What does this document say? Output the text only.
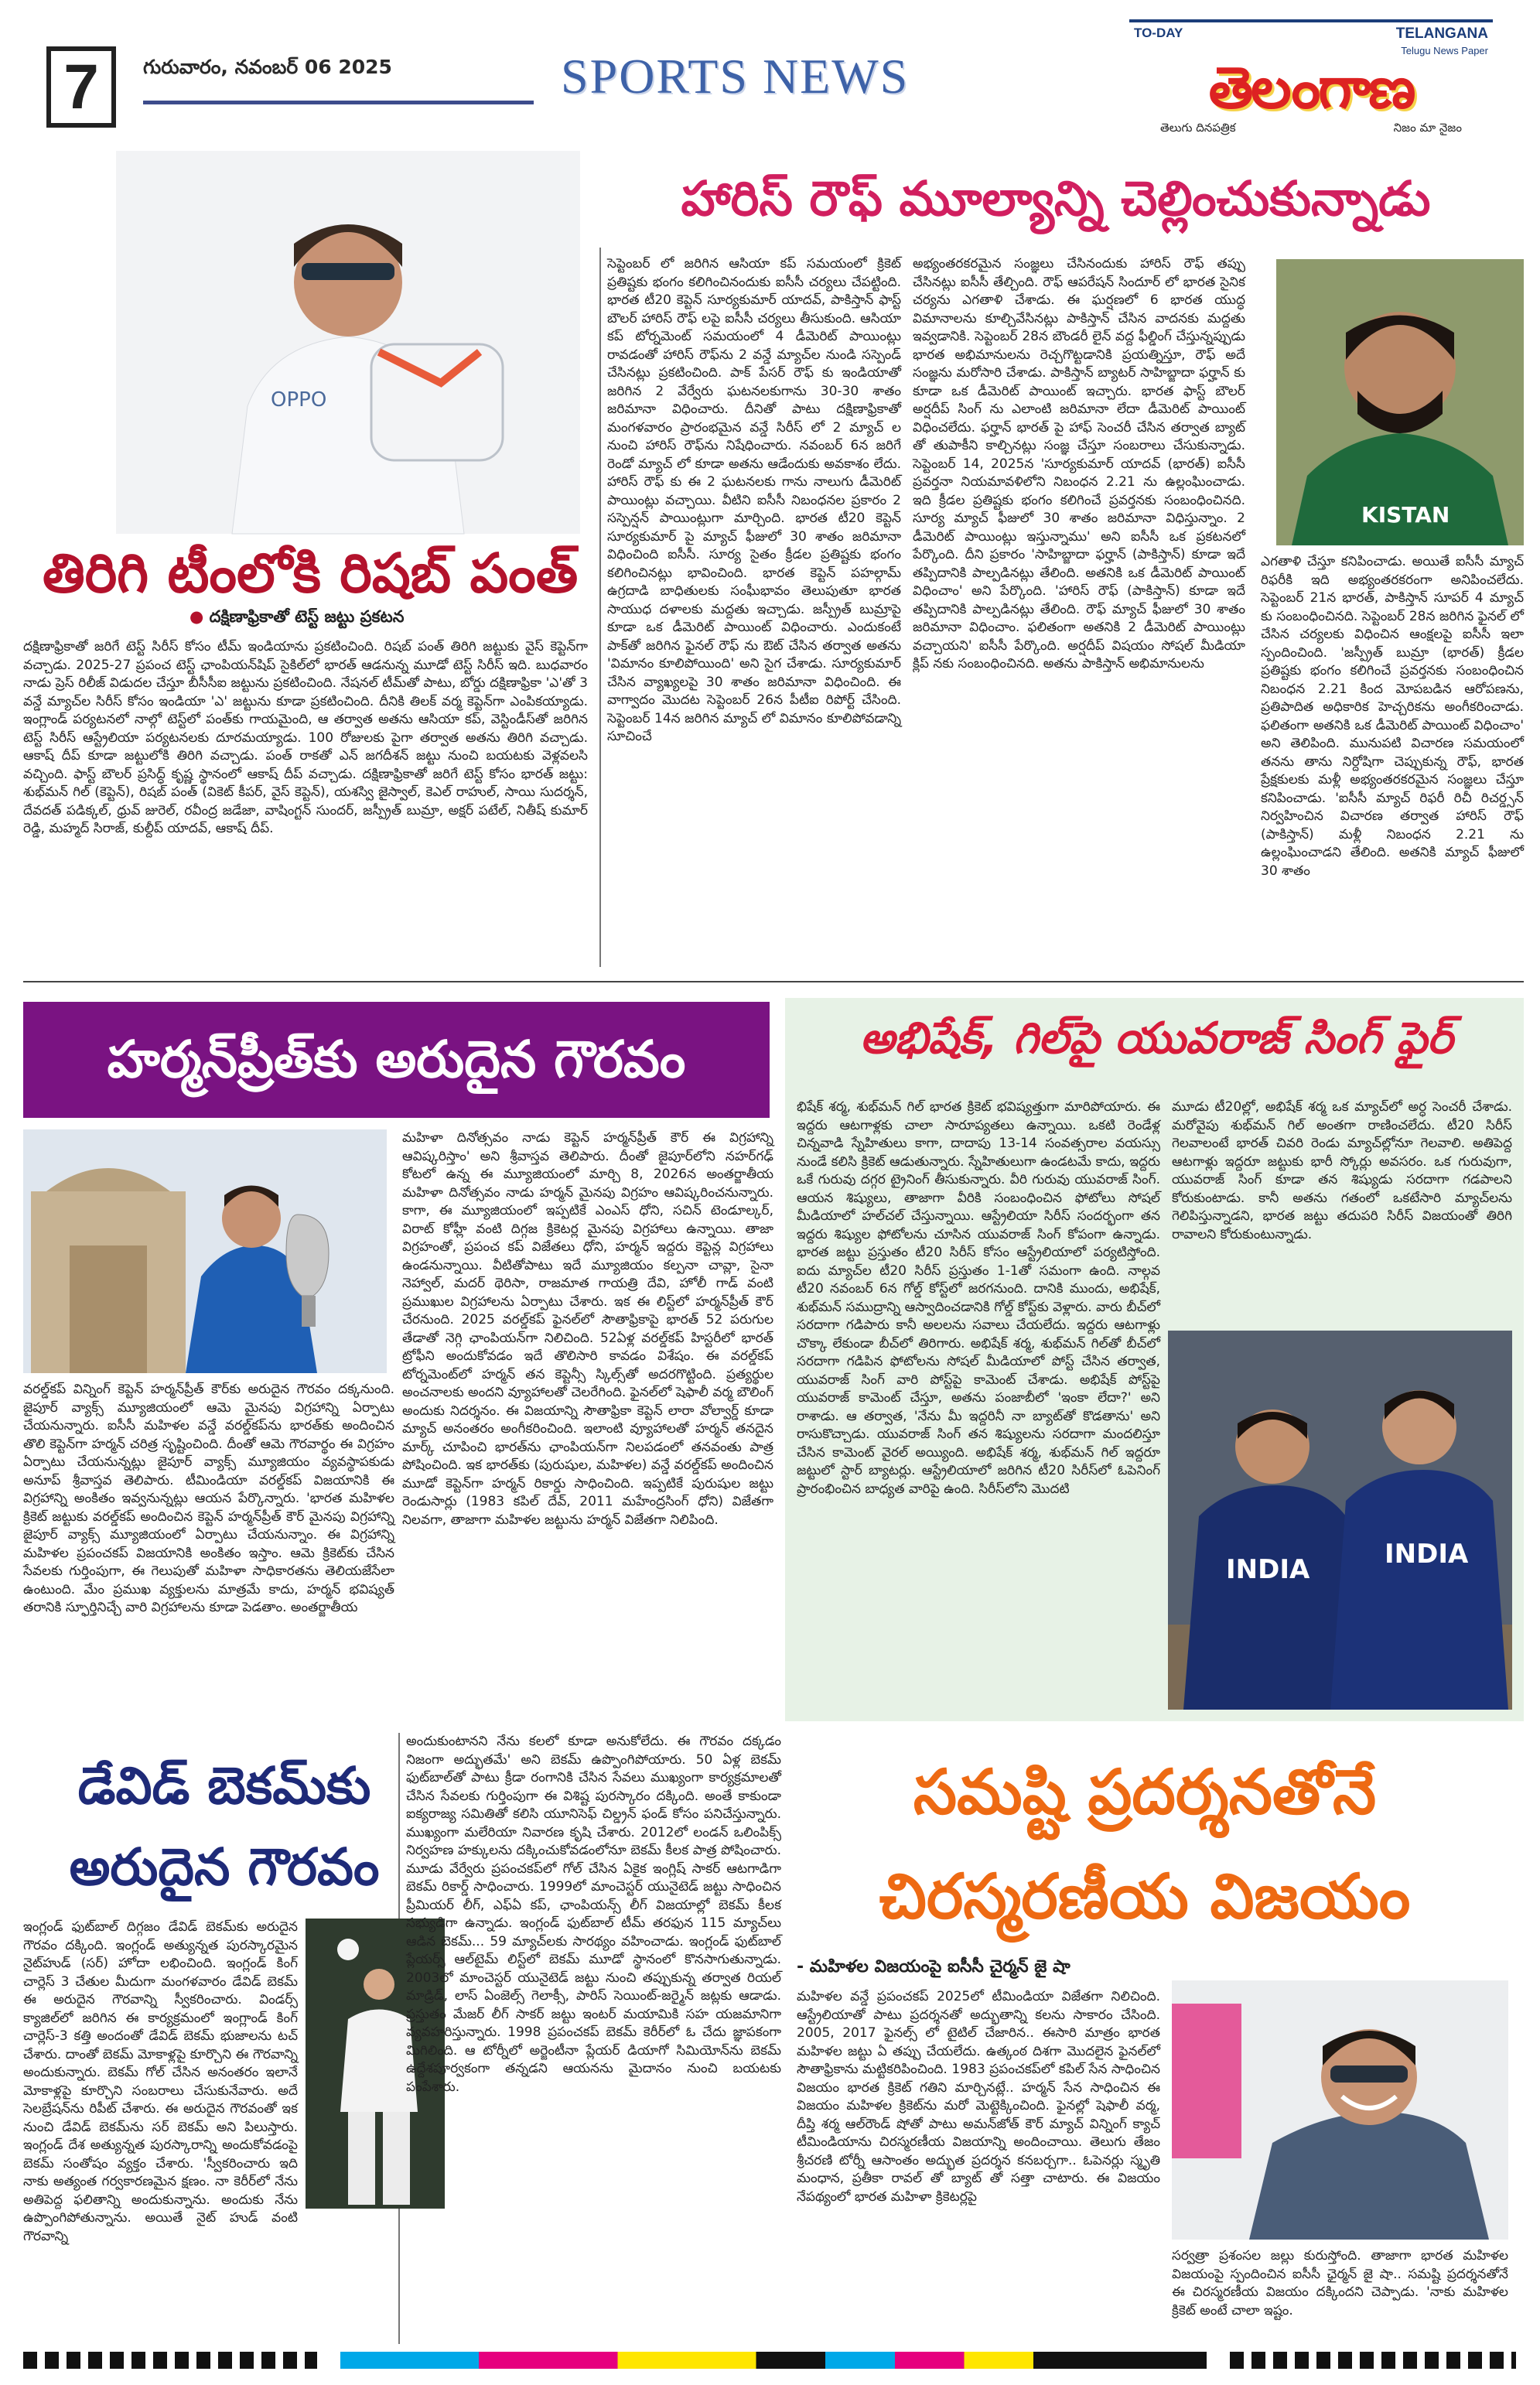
7	గురువారం, నవంబర్ 06 2025	SPORTS NEWS
TO-DAY	TELANGANA
Telugu News Paper
తెలంగాణ
తెలుగు దినపత్రిక	నిజం మా నైజం
OPPO
తిరిగి టీంలోకి రిషబ్ పంత్
● దక్షిణాఫ్రికాతో టెస్ట్ జట్టు ప్రకటన
దక్షిణాఫ్రికాతో జరిగే టెస్ట్ సిరీస్ కోసం టీమ్ ఇండియాను ప్రకటించింది. రిషబ్ పంత్ తిరిగి జట్టుకు వైస్ కెప్టెన్‌గా వచ్చాడు. 2025-27 ప్రపంచ టెస్ట్ ఛాంపియన్‌షిప్ సైకిల్‌లో భారత్ ఆడనున్న మూడో టెస్ట్ సిరీస్ ఇది. బుధవారం నాడు ప్రెస్ రిలీజ్ విడుదల చేస్తూ బీసీసీఐ జట్టును ప్రకటించింది. నేషనల్ టీమ్‌తో పాటు, బోర్డు దక్షిణాఫ్రికా 'ఎ'తో 3 వన్డే మ్యాచ్‌ల సిరీస్ కోసం ఇండియా 'ఎ' జట్టును కూడా ప్రకటించింది. దీనికి తిలక్ వర్మ కెప్టెన్‌గా ఎంపికయ్యాడు. ఇంగ్లాండ్ పర్యటనలో నాల్గో టెస్ట్‌లో పంత్‌కు గాయమైంది, ఆ తర్వాత అతను ఆసియా కప్, వెస్టిండీస్‌తో జరిగిన టెస్ట్ సిరీస్ ఆస్ట్రేలియా పర్యటనలకు దూరమయ్యాడు. 100 రోజులకు పైగా తర్వాత అతను తిరిగి వచ్చాడు. ఆకాష్ దీప్ కూడా జట్టులోకి తిరిగి వచ్చాడు. పంత్ రాకతో ఎన్ జగదీశన్ జట్టు నుంచి బయటకు వెళ్లవలసి వచ్చింది. ఫాస్ట్ బౌలర్ ప్రసిద్ధ్ కృష్ణ స్థానంలో ఆకాష్ దీప్ వచ్చాడు. దక్షిణాఫ్రికాతో జరిగే టెస్ట్ కోసం భారత్ జట్టు: శుభ్‌మన్ గిల్ (కెప్టెన్), రిషబ్ పంత్ (వికెట్ కీపర్, వైస్ కెప్టెన్), యశస్వి జైస్వాల్, కెఎల్ రాహుల్, సాయి సుదర్శన్, దేవదత్ పడిక్కల్, ధ్రువ్ జురెల్, రవీంద్ర జడేజా, వాషింగ్టన్ సుందర్, జస్ప్రీత్ బుమ్రా, అక్షర్ పటేల్, నితీష్ కుమార్ రెడ్డి, మహ్మద్ సిరాజ్, కుల్దీప్ యాదవ్, ఆకాష్ దీప్.
హారిస్ రౌఫ్ మూల్యాన్ని చెల్లించుకున్నాడు
సెప్టెంబర్ లో జరిగిన ఆసియా కప్ సమయంలో క్రికెట్ ప్రతిష్టకు భంగం కలిగించినందుకు ఐసీసీ చర్యలు చేపట్టింది. భారత టీ20 కెప్టెన్ సూర్యకుమార్ యాదవ్, పాకిస్తాన్ ఫాస్ట్ బౌలర్ హారిస్ రౌఫ్ లపై ఐసీసీ చర్యలు తీసుకుంది. ఆసియా కప్ టోర్నమెంట్ సమయంలో 4 డీమెరిట్ పాయింట్లు రావడంతో హారిస్ రౌఫ్‌ను 2 వన్డే మ్యాచ్‌ల నుండి సస్పెండ్ చేసినట్లు ప్రకటించింది. పాక్ పేసర్ రౌఫ్ కు ఇండియాతో జరిగిన 2 వేర్వేరు ఘటనలకుగాను 30-30 శాతం జరిమానా విధించారు. దీనితో పాటు దక్షిణాఫ్రికాతో మంగళవారం ప్రారంభమైన వన్డే సిరీస్ లో 2 మ్యాచ్ ల నుంచి హారిస్ రౌఫ్‌ను నిషేధించారు. నవంబర్ 6న జరిగే రెండో మ్యాచ్ లో కూడా అతను ఆడేందుకు అవకాశం లేదు. హారిస్ రౌఫ్ కు ఈ 2 ఘటనలకు గాను నాలుగు డీమెరిట్ పాయింట్లు వచ్చాయి. వీటిని ఐసీసీ నిబంధనల ప్రకారం 2 సస్పెన్షన్ పాయింట్లుగా మార్చింది. భారత టీ20 కెప్టెన్ సూర్యకుమార్ పై మ్యాచ్ ఫీజులో 30 శాతం జరిమానా విధించింది ఐసీసీ. సూర్య సైతం క్రీడల ప్రతిష్టకు భంగం కలిగించినట్లు భావించింది. భారత కెప్టెన్ పహల్గామ్ ఉగ్రదాడి బాధితులకు సంఘీభావం తెలుపుతూ భారత సాయుధ దళాలకు మద్దతు ఇచ్చాడు. జస్ప్రీత్ బుమ్రాపై కూడా ఒక డీమెరిట్ పాయింట్ విధించారు. ఎందుకంటే పాక్‌తో జరిగిన ఫైనల్ రౌఫ్ ను ఔట్ చేసిన తర్వాత అతను 'విమానం కూలిపోయింది' అని సైగ చేశాడు. సూర్యకుమార్ చేసిన వ్యాఖ్యలపై 30 శాతం జరిమానా విధించింది. ఈ వాగ్వాదం మొదట సెప్టెంబర్ 26న పీటీఐ రిపోర్ట్ చేసింది. సెప్టెంబర్ 14న జరిగిన మ్యాచ్ లో విమానం కూలిపోవడాన్ని సూచించే
అభ్యంతరకరమైన సంజ్ఞలు చేసినందుకు హారిస్ రౌఫ్ తప్పు చేసినట్లు ఐసీసీ తేల్చింది. రౌఫ్ ఆపరేషన్ సిందూర్ లో భారత సైనిక చర్యను ఎగతాళి చేశాడు. ఈ ఘర్షణలో 6 భారత యుద్ధ విమానాలను కూల్చివేసినట్లు పాకిస్తాన్ చేసిన వాదనకు మద్దతు ఇవ్వడానికి. సెప్టెంబర్ 28న బౌండరీ లైన్ వద్ద ఫీల్డింగ్ చేస్తున్నప్పుడు భారత అభిమానులను రెచ్చగొట్టడానికి ప్రయత్నిస్తూ, రౌఫ్ అదే సంజ్ఞను మరోసారి చేశాడు. పాకిస్తాన్ బ్యాటర్ సాహిబ్జాదా ఫర్హాన్ కు కూడా ఒక డీమెరిట్ పాయింట్ ఇచ్చారు. భారత ఫాస్ట్ బౌలర్ అర్షదీప్ సింగ్ ను ఎలాంటి జరిమానా లేదా డీమెరిట్ పాయింట్ విధించలేదు. ఫర్హాన్ భారత్ పై హాఫ్ సెంచరీ చేసిన తర్వాత బ్యాట్ తో తుపాకీని కాల్చినట్లు సంజ్ఞ చేస్తూ సంబరాలు చేసుకున్నాడు. సెప్టెంబర్ 14, 2025న 'సూర్యకుమార్ యాదవ్ (భారత్) ఐసీసీ ప్రవర్తనా నియమావళిలోని నిబంధన 2.21 ను ఉల్లంఘించాడు. ఇది క్రీడల ప్రతిష్టకు భంగం కలిగించే ప్రవర్తనకు సంబంధించినది. సూర్య మ్యాచ్ ఫీజులో 30 శాతం జరిమానా విధిస్తున్నాం. 2 డీమెరిట్ పాయింట్లు ఇస్తున్నాము' అని ఐసీసీ ఒక ప్రకటనలో పేర్కొంది. దీని ప్రకారం 'సాహిబ్జాదా ఫర్హాన్ (పాకిస్తాన్) కూడా ఇదే తప్పిదానికి పాల్పడినట్లు తేలింది. అతనికి ఒక డీమెరిట్ పాయింట్ విధించాం' అని పేర్కొంది. 'హారిస్ రౌఫ్ (పాకిస్తాన్) కూడా ఇదే తప్పిదానికి పాల్పడినట్లు తేలింది. రౌఫ్ మ్యాచ్ ఫీజులో 30 శాతం జరిమానా విధించాం. ఫలితంగా అతనికి 2 డీమెరిట్ పాయింట్లు వచ్చాయని' ఐసీసీ పేర్కొంది. అర్షదీప్ విషయం సోషల్ మీడియా క్లిప్ నకు సంబంధించినది. అతను పాకిస్తాన్ అభిమానులను
KISTAN
ఎగతాళి చేస్తూ కనిపించాడు. అయితే ఐసీసీ మ్యాచ్ రిఫరీకి ఇది అభ్యంతరకరంగా అనిపించలేదు. సెప్టెంబర్ 21న భారత్, పాకిస్తాన్ సూపర్ 4 మ్యాచ్ కు సంబంధించినది. సెప్టెంబర్ 28న జరిగిన ఫైనల్ లో చేసిన చర్యలకు విధించిన ఆంక్షలపై ఐసీసీ ఇలా స్పందించింది. 'జస్ప్రీత్ బుమ్రా (భారత్) క్రీడల ప్రతిష్టకు భంగం కలిగించే ప్రవర్తనకు సంబంధించిన నిబంధన 2.21 కింద మోపబడిన ఆరోపణను, ప్రతిపాదిత అధికారిక హెచ్చరికను అంగీకరించాడు. ఫలితంగా అతనికి ఒక డీమెరిట్ పాయింట్ విధించాం' అని తెలిపింది. మునుపటి విచారణ సమయంలో తనను తాను నిర్దోషిగా చెప్పుకున్న రౌఫ్, భారత ప్రేక్షకులకు మళ్లీ అభ్యంతరకరమైన సంజ్ఞలు చేస్తూ కనిపించాడు. 'ఐసీసీ మ్యాచ్ రిఫరీ రిచీ రిచర్డ్సన్ నిర్వహించిన విచారణ తర్వాత హారిస్ రౌఫ్ (పాకిస్తాన్) మళ్లీ నిబంధన 2.21 ను ఉల్లంఘించాడని తేలింది. అతనికి మ్యాచ్ ఫీజులో 30 శాతం
హర్మన్‌ప్రీత్‌కు అరుదైన గౌరవం
వరల్డ్‌కప్ విన్నింగ్ కెప్టెన్ హర్మన్‌ప్రీత్ కౌర్‌కు అరుదైన గౌరవం దక్కనుంది. జైపూర్ వ్యాక్స్ మ్యూజియంలో ఆమె మైనపు విగ్రహాన్ని ఏర్పాటు చేయనున్నారు. ఐసీసీ మహిళల వన్డే వరల్డ్‌కప్‌ను భారత్‌కు అందించిన తొలి కెప్టెన్‌గా హర్మన్ చరిత్ర సృష్టించింది. దీంతో ఆమె గౌరవార్థం ఈ విగ్రహం ఏర్పాటు చేయనున్నట్లు జైపూర్ వ్యాక్స్ మ్యూజియం వ్యవస్థాపకుడు అనూప్ శ్రీవాస్తవ తెలిపారు. టీమిండియా వరల్డ్‌కప్ విజయానికి ఈ విగ్రహాన్ని అంకితం ఇవ్వనున్నట్లు ఆయన పేర్కొన్నారు. 'భారత మహిళల క్రికెట్ జట్టుకు వరల్డ్‌కప్ అందించిన కెప్టెన్ హర్మన్‌ప్రీత్ కౌర్ మైనపు విగ్రహాన్ని జైపూర్ వ్యాక్స్ మ్యూజియంలో ఏర్పాటు చేయనున్నాం. ఈ విగ్రహాన్ని మహిళల ప్రపంచకప్ విజయానికి అంకితం ఇస్తాం. ఆమె క్రికెట్‌కు చేసిన సేవలకు గుర్తింపుగా, ఈ గెలుపుతో మహిళా సాధికారతను తెలియజేసేలా ఉంటుంది. మేం ప్రముఖ వ్యక్తులను మాత్రమే కాదు, హర్మన్ భవిష్యత్ తరానికి స్ఫూర్తినిచ్చే వారి విగ్రహాలను కూడా పెడతాం. అంతర్జాతీయ
మహిళా దినోత్సవం నాడు కెప్టెన్ హర్మన్‌ప్రీత్ కౌర్ ఈ విగ్రహాన్ని ఆవిష్కరిస్తాం' అని శ్రీవాస్తవ తెలిపారు. దీంతో జైపూర్‌లోని నహర్‌గఢ్ కోటలో ఉన్న ఈ మ్యూజియంలో మార్చి 8, 2026న అంతర్జాతీయ మహిళా దినోత్సవం నాడు హర్మన్ మైనపు విగ్రహం ఆవిష్కరించనున్నారు. కాగా, ఈ మ్యూజియంలో ఇప్పటికే ఎంఎస్ ధోని, సచిన్ టెండూల్కర్, విరాట్ కోహ్లీ వంటి దిగ్గజ క్రికెటర్ల మైనపు విగ్రహాలు ఉన్నాయి. తాజా విగ్రహంతో, ప్రపంచ కప్ విజేతలు ధోని, హర్మన్ ఇద్దరు కెప్టెన్ల విగ్రహాలు ఉండనున్నాయి. వీటితోపాటు ఇదే మ్యూజియం కల్పనా చావ్లా, సైనా నెహ్వాల్, మదర్ థెరిసా, రాజమాత గాయత్రి దేవి, హోలీ గాడ్ వంటి ప్రముఖుల విగ్రహాలను ఏర్పాటు చేశారు. ఇక ఈ లిస్ట్‌లో హర్మన్‌ప్రీత్ కౌర్ చేరనుంది. 2025 వరల్డ్‌కప్ ఫైనల్‌లో సౌతాఫ్రికాపై భారత్ 52 పరుగుల తేడాతో నెగ్గి ఛాంపియన్‌గా నిలిచింది. 52ఏళ్ల వరల్డ్‌కప్ హిస్టరీలో భారత్ ట్రోఫీని అందుకోవడం ఇదే తొలిసారి కావడం విశేషం. ఈ వరల్డ్‌కప్ టోర్నమెంట్‌లో హర్మన్ తన కెప్టెన్సీ స్కిల్స్‌తో అదరగొట్టింది. ప్రత్యర్థుల అంచనాలకు అందని వ్యూహాలతో చెలరేగింది. ఫైనల్‌లో షెఫాలీ వర్మ బౌలింగ్ అందుకు నిదర్శనం. ఈ విజయాన్ని సౌతాఫ్రికా కెప్టెన్ లారా వోల్వార్డ్ కూడా మ్యాచ్ అనంతరం అంగీకరించింది. ఇలాంటి వ్యూహాలతో హర్మన్ తనదైన మార్క్ చూపించి భారత్‌ను ఛాంపియన్‌గా నిలపడంలో తనవంతు పాత్ర పోషించింది. ఇక భారత్‌కు (పురుషుల, మహిళల) వన్డే వరల్డ్‌కప్ అందించిన మూడో కెప్టెన్‌గా హర్మన్ రికార్డు సాధించింది. ఇప్పటికే పురుషుల జట్టు రెండుసార్లు (1983 కపిల్ దేవ్, 2011 మహేంద్రసింగ్ ధోని) విజేతగా నిలవగా, తాజాగా మహిళల జట్టును హర్మన్ విజేతగా నిలిపింది.
అభిషేక్, గిల్‌పై యువరాజ్ సింగ్ ఫైర్
భిషేక్ శర్మ, శుభ్‌మన్ గిల్ భారత క్రికెట్ భవిష్యత్తుగా మారిపోయారు. ఈ ఇద్దరు ఆటగాళ్లకు చాలా సారూప్యతలు ఉన్నాయి. ఒకటి రెండేళ్ల చిన్నవాడి స్నేహితులు కాగా, దాదాపు 13-14 సంవత్సరాల వయస్సు నుండే కలిసి క్రికెట్ ఆడుతున్నారు. స్నేహితులుగా ఉండటమే కాదు, ఇద్దరు ఒకే గురువు దగ్గర ట్రైనింగ్ తీసుకున్నారు. వీరి గురువు యువరాజ్ సింగ్. ఆయన శిష్యులు, తాజాగా వీరికి సంబంధించిన ఫోటోలు సోషల్ మీడియాలో హల్‌చల్ చేస్తున్నాయి. ఆస్ట్రేలియా సిరీస్ సందర్భంగా తన ఇద్దరు శిష్యుల ఫోటోలను చూసిన యువరాజ్ సింగ్ కోపంగా ఉన్నాడు. భారత జట్టు ప్రస్తుతం టీ20 సిరీస్ కోసం ఆస్ట్రేలియాలో పర్యటిస్తోంది. ఐదు మ్యాచ్‌ల టీ20 సిరీస్ ప్రస్తుతం 1-1తో సమంగా ఉంది. నాల్గవ టీ20 నవంబర్ 6న గోల్డ్ కోస్ట్‌లో జరగనుంది. దానికి ముందు, అభిషేక్, శుభ్‌మన్ సముద్రాన్ని ఆస్వాదించడానికి గోల్డ్ కోస్ట్‌కు వెళ్లారు. వారు బీచ్‌లో సరదాగా గడిపారు కానీ అలలను సవాలు చేయలేదు. ఇద్దరు ఆటగాళ్లు చొక్కా లేకుండా బీచ్‌లో తిరిగారు. అభిషేక్ శర్మ, శుభ్‌మన్ గిల్‌తో బీచ్‌లో సరదాగా గడిపిన ఫోటోలను సోషల్ మీడియాలో పోస్ట్ చేసిన తర్వాత, యువరాజ్ సింగ్ వారి పోస్ట్‌పై కామెంట్ చేశాడు. అభిషేక్ పోస్ట్‌పై యువరాజ్ కామెంట్ చేస్తూ, అతను పంజాబీలో 'ఇంకా లేదా?' అని రాశాడు. ఆ తర్వాత, 'నేను మీ ఇద్దరినీ నా బ్యాట్‌తో కొడతాను' అని రాసుకొచ్చాడు. యువరాజ్ సింగ్ తన శిష్యులను సరదాగా మందలిస్తూ చేసిన కామెంట్ వైరల్ అయ్యింది. అభిషేక్ శర్మ, శుభ్‌మన్ గిల్ ఇద్దరూ జట్టులో స్టార్ బ్యాటర్లు. ఆస్ట్రేలియాలో జరిగిన టీ20 సిరీస్‌లో ఓపెనింగ్ ప్రారంభించిన బాధ్యత వారిపై ఉంది. సిరీస్‌లోని మొదటి
మూడు టీ20ల్లో, అభిషేక్ శర్మ ఒక మ్యాచ్‌లో అర్ధ సెంచరీ చేశాడు. మరోవైపు శుభ్‌మన్ గిల్ అంతగా రాణించలేదు. టీ20 సిరీస్ గెలవాలంటే భారత్ చివరి రెండు మ్యాచ్‌ల్లోనూ గెలవాలి. అతిపెద్ద ఆటగాళ్లు ఇద్దరూ జట్టుకు భారీ స్కోర్లు అవసరం. ఒక గురువుగా, యువరాజ్ సింగ్ కూడా తన శిష్యుడు సరదాగా గడపాలని కోరుకుంటాడు. కానీ అతను గతంలో ఒకటేసారి మ్యాచ్‌లను గెలిపిస్తున్నాడని, భారత జట్టు తదుపరి సిరీస్ విజయంతో తిరిగి రావాలని కోరుకుంటున్నాడు.
INDIA	INDIA
డేవిడ్ బెకమ్‌కు
అరుదైన గౌరవం
ఇంగ్లండ్ ఫుట్‌బాల్ దిగ్గజం డేవిడ్ బెకమ్‌కు అరుదైన గౌరవం దక్కింది. ఇంగ్లండ్ అత్యున్నత పురస్కారమైన నైట్‌హుడ్ (సర్) హోదా లభించింది. ఇంగ్లండ్ కింగ్ చార్లెస్ 3 చేతుల మీదుగా మంగళవారం డేవిడ్ బెకమ్ ఈ అరుదైన గౌరవాన్ని స్వీకరించారు. విండర్స్ క్యాజిల్‌లో జరిగిన ఈ కార్యక్రమంలో ఇంగ్లాండ్ కింగ్ చార్లెస్-3 కత్తి అందంతో డేవిడ్ బెకమ్ భుజాలను టచ్ చేశారు. దాంతో బెకమ్ మోకాళ్లపై కూర్చొని ఈ గౌరవాన్ని అందుకున్నారు. బెకమ్ గోల్ చేసిన అనంతరం ఇలానే మోకాళ్లపై కూర్చొని సంబరాలు చేసుకునేవారు. అదే సెలబ్రేషన్‌ను రిపీట్ చేశారు. ఈ అరుదైన గౌరవంతో ఇక నుంచి డేవిడ్ బెకమ్‌ను సర్ బెకమ్ అని పిలుస్తారు. ఇంగ్లండ్ దేశ అత్యున్నత పురస్కారాన్ని అందుకోవడంపై బెకమ్ సంతోషం వ్యక్తం చేశారు. 'స్వీకరించారు ఇది నాకు అత్యంత గర్వకారణమైన క్షణం. నా కెరీర్‌లో నేను అతిపెద్ద ఫలితాన్ని అందుకున్నాను. అందుకు నేను ఉప్పొంగిపోతున్నాను. అయితే నైట్ హుడ్ వంటి గౌరవాన్ని
అందుకుంటానని నేను కలలో కూడా అనుకోలేదు. ఈ గౌరవం దక్కడం నిజంగా అద్భుతమే' అని బెకమ్ ఉప్పొంగిపోయారు. 50 ఏళ్ల బెకమ్ ఫుట్‌బాల్‌తో పాటు క్రీడా రంగానికి చేసిన సేవలు ముఖ్యంగా కార్యక్రమాలతో చేసిన సేవలకు గుర్తింపుగా ఈ విశిష్ట పురస్కారం దక్కింది. అంతే కాకుండా ఐక్యరాజ్య సమితితో కలిసి యూనిసెఫ్ చిల్డ్రన్ ఫండ్ కోసం పనిచేస్తున్నారు. ముఖ్యంగా మలేరియా నివారణ కృషి చేశారు. 2012లో లండన్ ఒలింపిక్స్ నిర్వహణ హక్కులను దక్కించుకోవడంలోనూ బెకమ్ కీలక పాత్ర పోషించారు. మూడు వేర్వేరు ప్రపంచకప్‌లో గోల్ చేసిన ఏకైక ఇంగ్లిష్ సాకర్ ఆటగాడిగా బెకమ్ రికార్డ్ సాధించారు. 1999లో మాంచెస్టర్ యునైటెడ్ జట్టు సాధించిన ప్రీమియర్ లీగ్, ఎఫ్ఏ కప్, ఛాంపియన్స్ లీగ్ విజయాల్లో బెకమ్ కీలక సభ్యుడిగా ఉన్నాడు. ఇంగ్లండ్ ఫుట్‌బాల్ టీమ్ తరఫున 115 మ్యాచ్‌లు ఆడిన బెకమ్... 59 మ్యాచ్‌లకు సారథ్యం వహించాడు. ఇంగ్లండ్ ఫుట్‌బాల్ ప్లేయర్స్ ఆల్‌టైమ్ లిస్ట్‌లో బెకమ్ మూడో స్థానంలో కొనసాగుతున్నాడు. 2003లో మాంచెస్టర్ యునైటెడ్ జట్టు నుంచి తప్పుకున్న తర్వాత రియల్ మాడ్రిడ్, లాస్ ఏంజెల్స్ గెలాక్సీ, పారిస్ సెయింట్-జర్మైన్ జట్లకు ఆడాడు. ప్రస్తుతం మేజర్ లీగ్ సాకర్ జట్టు ఇంటర్ మయామికి సహ యజమానిగా వ్యవహరిస్తున్నారు. 1998 ప్రపంచకప్ బెకమ్ కెరీర్‌లో ఓ చేదు జ్ఞాపకంగా మిగిలింది. ఆ టోర్నీలో అర్జెంటీనా ప్లేయర్ డియాగో సిమియోన్‌ను బెకమ్ ఉద్దేశపూర్వకంగా తన్నడని ఆయనను మైదానం నుంచి బయటకు పంపేశారు.
సమష్టి ప్రదర్శనతోనే
చిరస్మరణీయ విజయం
- మహిళల విజయంపై ఐసీసీ చైర్మన్ జై షా
మహిళల వన్డే ప్రపంచకప్ 2025లో టీమిండియా విజేతగా నిలిచింది. ఆస్ట్రేలియాతో పాటు ప్రదర్శనతో అద్భుతాన్ని కలను సాకారం చేసింది. 2005, 2017 ఫైనల్స్ లో టైటిల్ చేజారిన.. ఈసారి మాత్రం భారత మహిళల జట్టు ఏ తప్పు చేయలేదు. ఉత్కంఠ దిశగా మొదలైన ఫైనల్‌లో సౌతాఫ్రికాను మట్టికరిపించింది. 1983 ప్రపంచకప్‌లో కపిల్ సేన సాధించిన విజయం భారత క్రికెట్ గతిని మార్చినట్లే.. హర్మన్ సేన సాధించిన ఈ విజయం మహిళల క్రికెట్‌ను మరో మెట్టెక్కించింది. ఫైనల్లో షెఫాలీ వర్మ, దీప్తి శర్మ ఆల్‌రౌండ్ షోతో పాటు అమన్‌జోత్ కౌర్ మ్యాచ్ విన్నింగ్ క్యాచ్ టీమిండియాను చిరస్మరణీయ విజయాన్ని అందించాయి. తెలుగు తేజం శ్రీచరణి టోర్నీ ఆసాంతం అద్భుత ప్రదర్శన కనబర్చగా.. ఓపెనర్లు స్మృతి మంధాన, ప్రతీకా రావల్ తో బ్యాట్ తో సత్తా చాటారు. ఈ విజయం నేపథ్యంలో భారత మహిళా క్రికెటర్లపై
సర్వత్రా ప్రశంసల జల్లు కురుస్తోంది. తాజాగా భారత మహిళల విజయంపై స్పందించిన ఐసీసీ ఛైర్మన్ జై షా.. సమష్టి ప్రదర్శనతోనే ఈ చిరస్మరణీయ విజయం దక్కిందని చెప్పాడు. 'నాకు మహిళల క్రికెట్ అంటే చాలా ఇష్టం.
